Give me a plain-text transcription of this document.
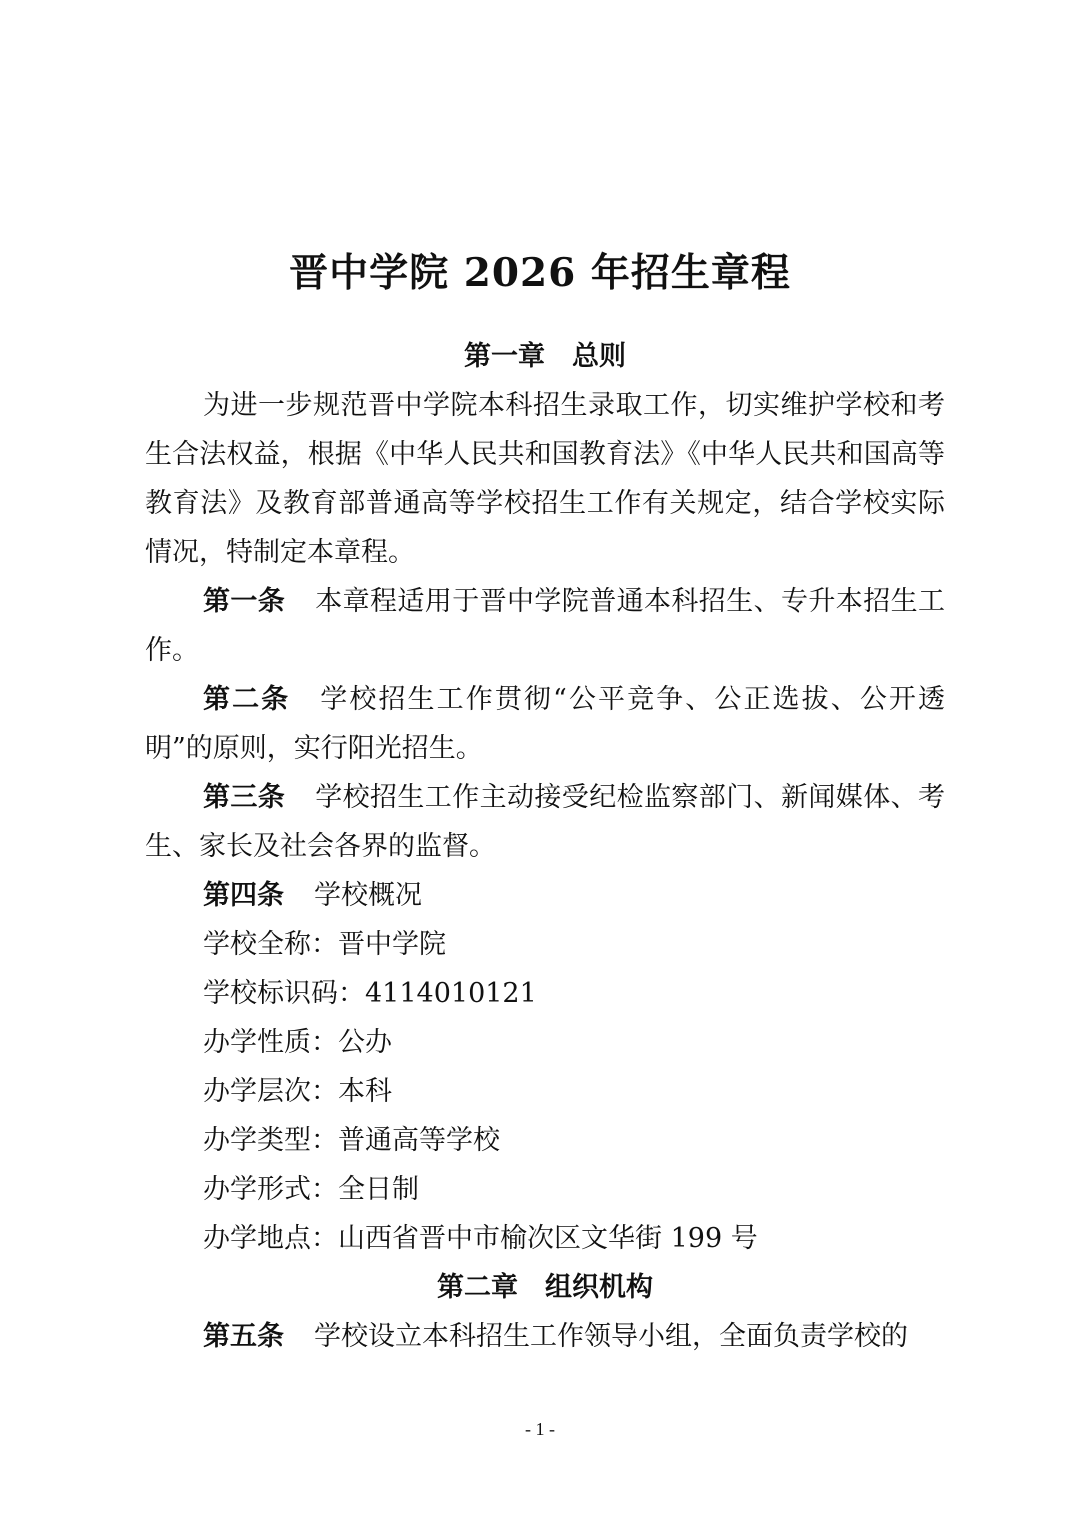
晋中学院 2026 年招生章程

第一章　总则

为进一步规范晋中学院本科招生录取工作，切实维护学校和考生合法权益，根据《中华人民共和国教育法》《中华人民共和国高等教育法》及教育部普通高等学校招生工作有关规定，结合学校实际情况，特制定本章程。

第一条 本章程适用于晋中学院普通本科招生、专升本招生工作。

第二条 学校招生工作贯彻“公平竞争、公正选拔、公开透明”的原则，实行阳光招生。

第三条 学校招生工作主动接受纪检监察部门、新闻媒体、考生、家长及社会各界的监督。

第四条 学校概况

学校全称：晋中学院

学校标识码：4114010121

办学性质：公办

办学层次：本科

办学类型：普通高等学校

办学形式：全日制

办学地点：山西省晋中市榆次区文华街 199 号

第二章　组织机构

第五条 学校设立本科招生工作领导小组，全面负责学校的

- 1 -
